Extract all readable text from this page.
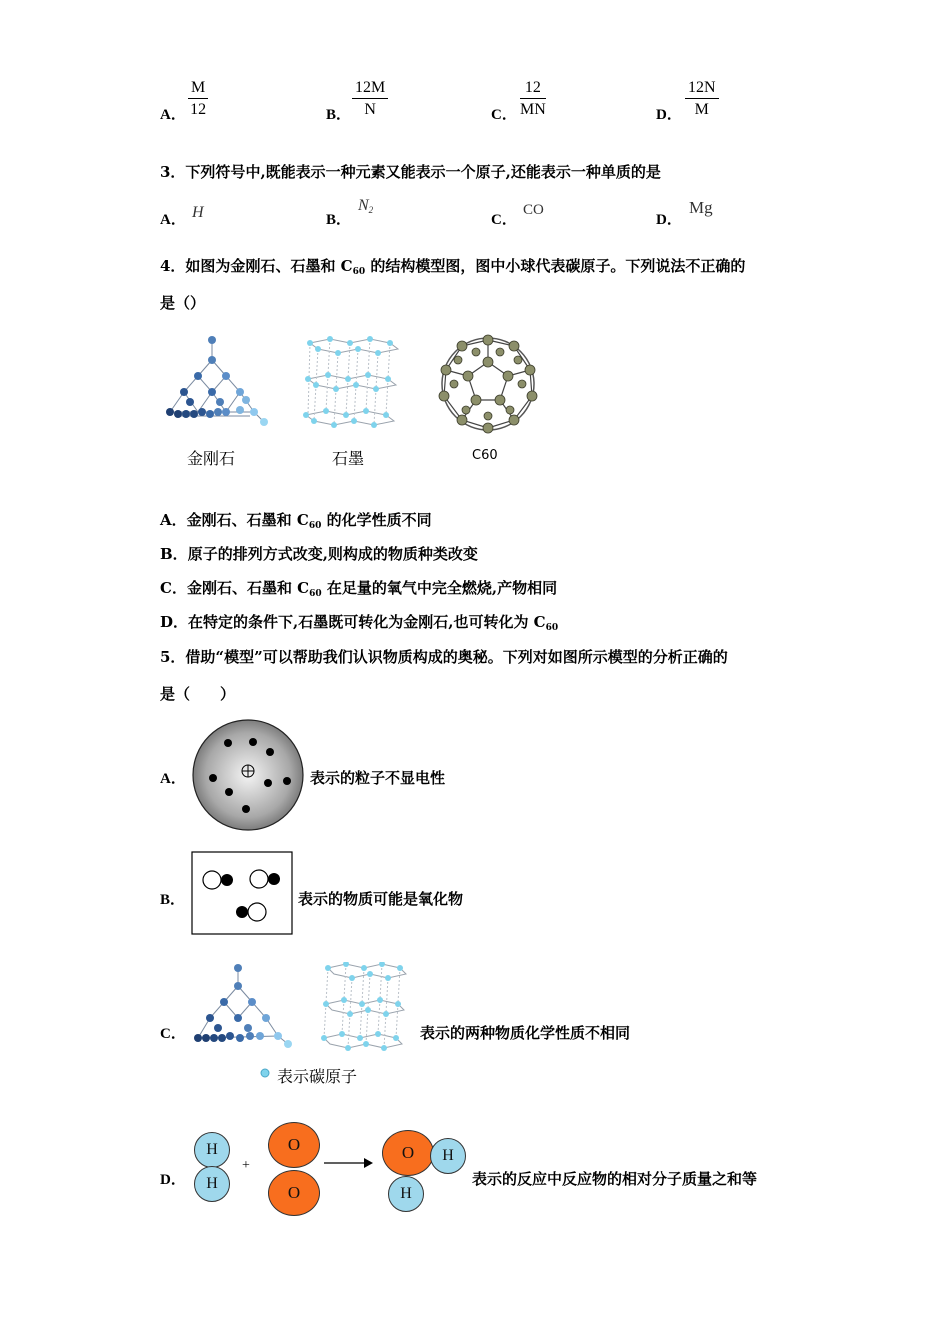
A． $\frac{M}{12}$	B． $\frac{12M}{N}$	C． $\frac{12}{MN}$	D． $\frac{12N}{M}$
3．下列符号中,既能表示一种元素又能表示一个原子,还能表示一种单质的是
A． H	B．
$N_2$
C．
CO
D．
Mg
4．如图为金刚石、石墨和 $C_{60}$ 的结构模型图，图中小球代表碳原子。下列说法不正确的
是（）
金刚石	石墨	C60
A．金刚石、石墨和 $C_{60}$ 的化学性质不同
B．原子的排列方式改变,则构成的物质种类改变
C．金刚石、石墨和 $C_{60}$ 在足量的氧气中完全燃烧,产物相同
D．在特定的条件下,石墨既可转化为金刚石,也可转化为 $C_{60}$
5．借助“模型”可以帮助我们认识物质构成的奥秘。下列对如图所示模型的分析正确的
是（　　）
A．	表示的粒子不显电性
B．	表示的物质可能是氧化物
C．	表示的两种物质化学性质不相同
表示碳原子
D．
H
H
+
O
O
O	H
H
表示的反应中反应物的相对分子质量之和等
